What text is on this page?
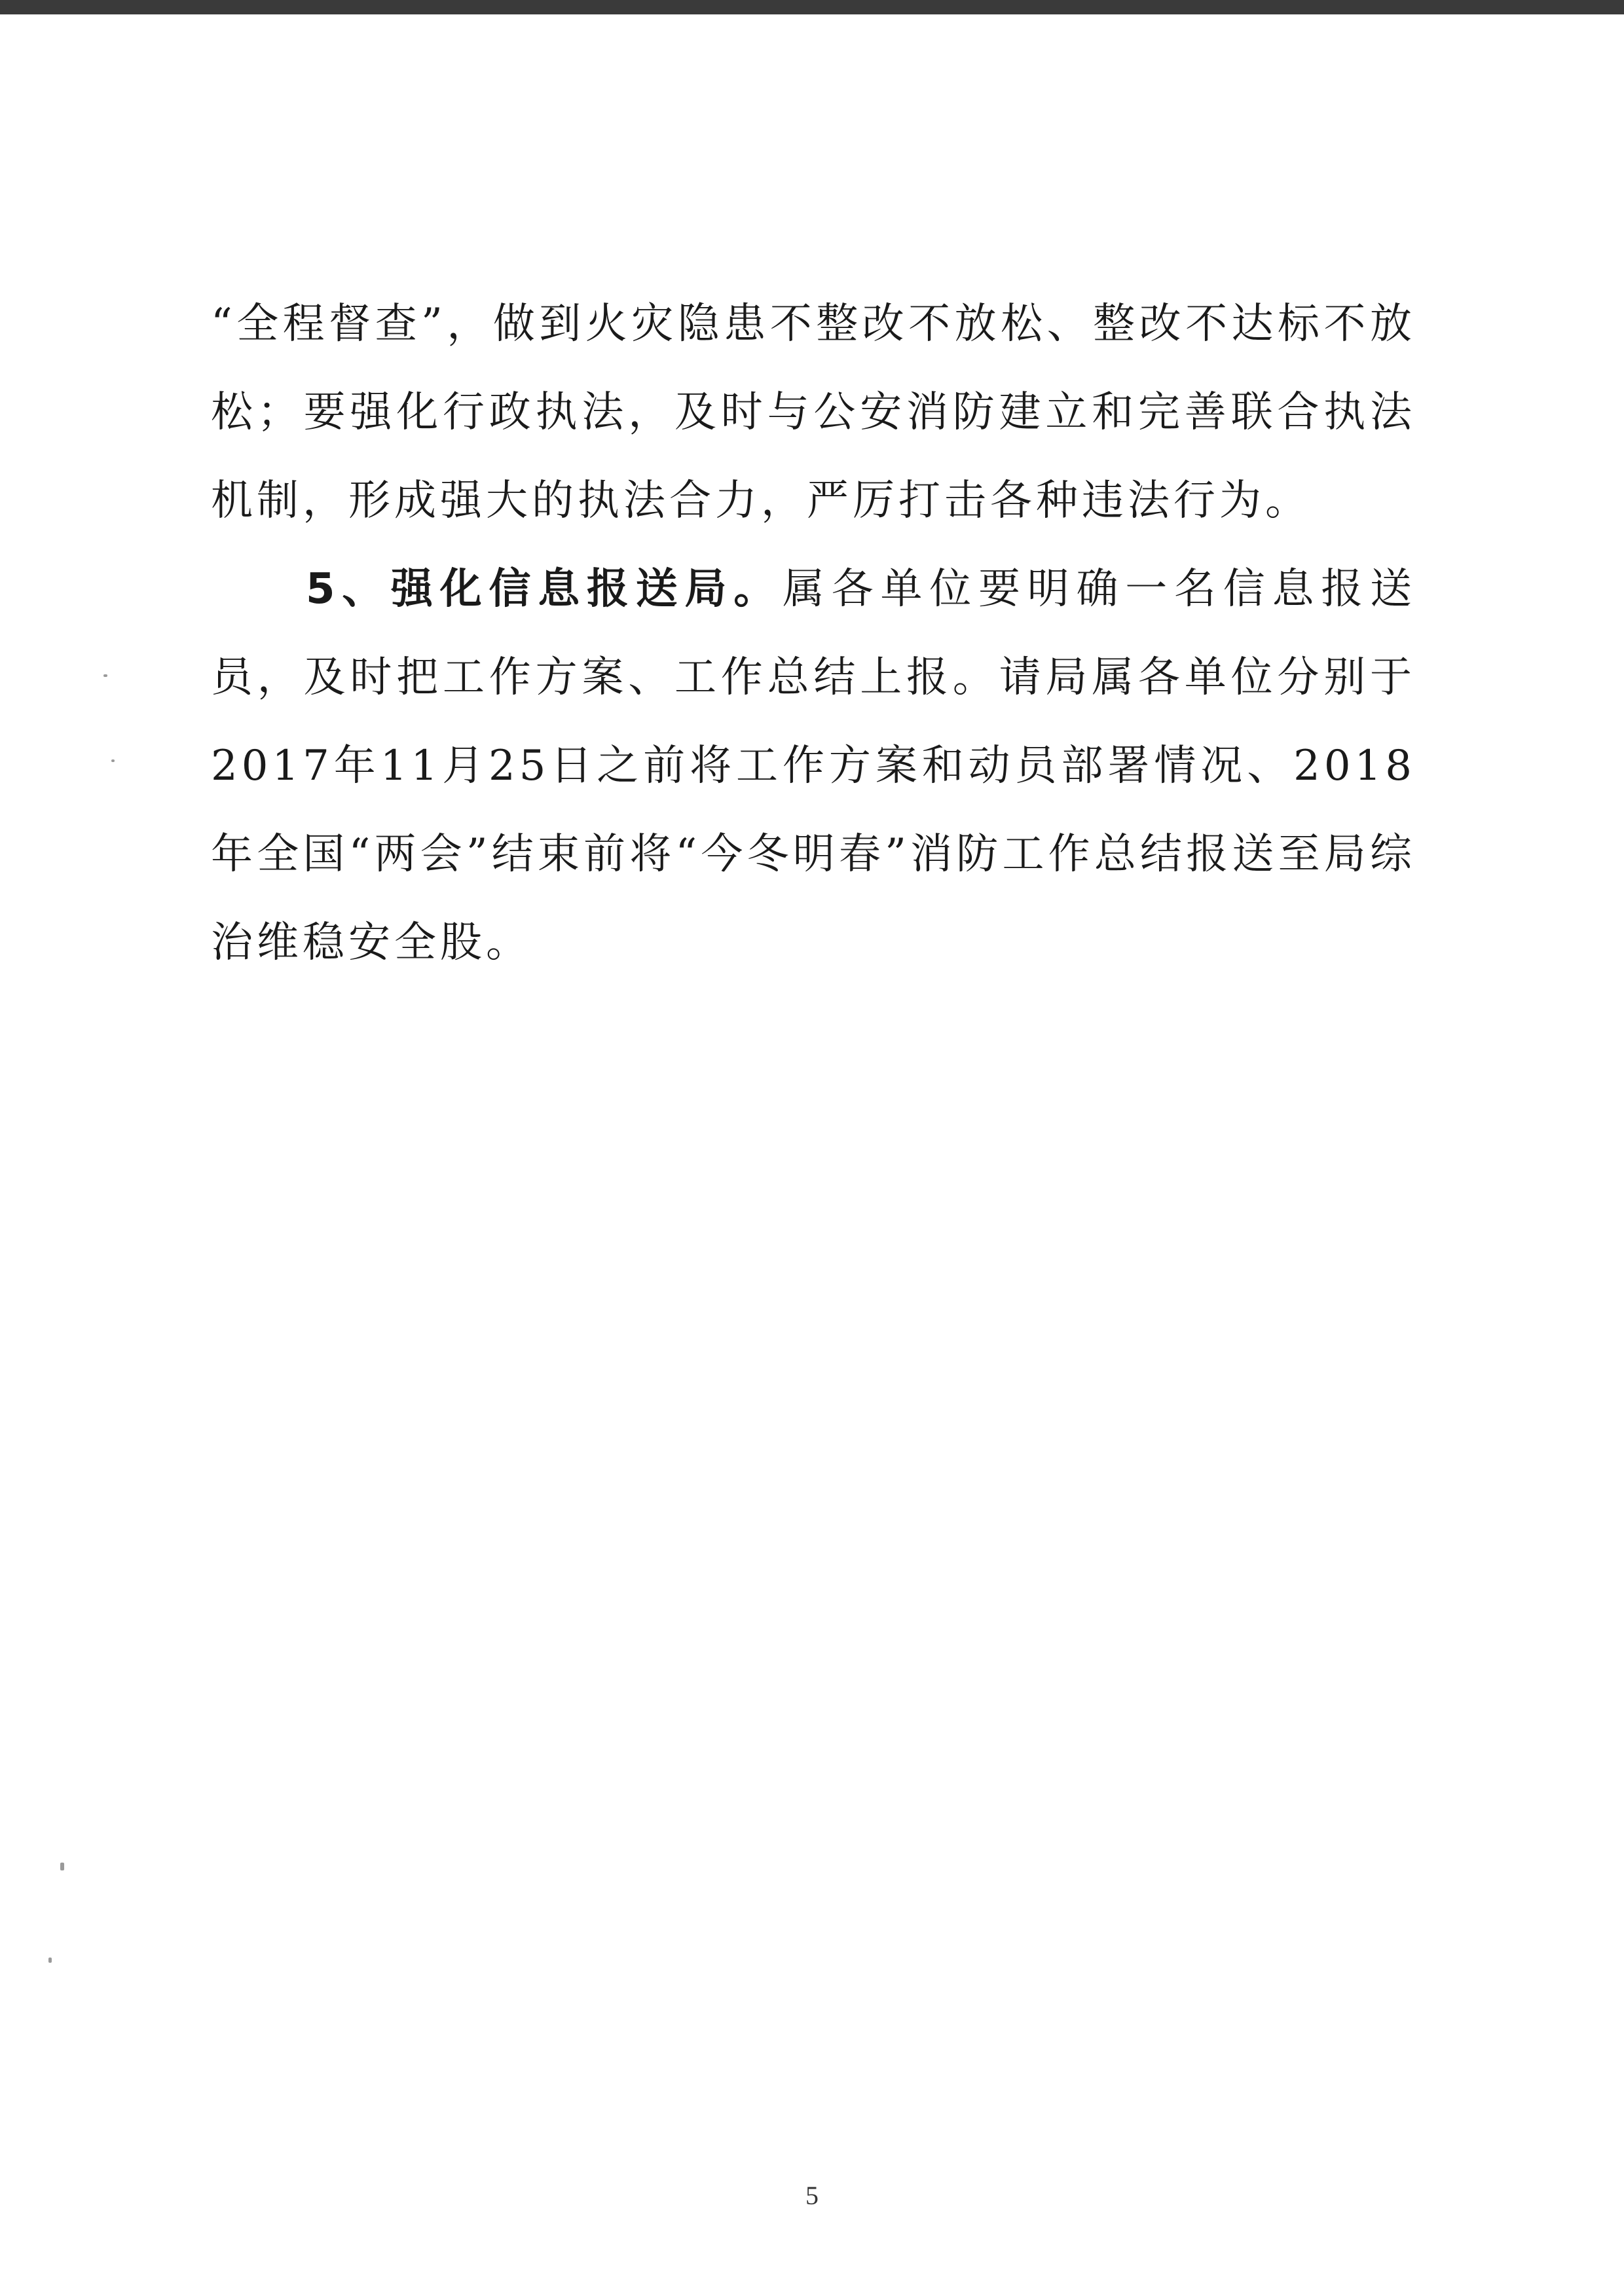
“全程督查”，做到火灾隐患不整改不放松、整改不达标不放松；要强化行政执法，及时与公安消防建立和完善联合执法机制，形成强大的执法合力，严厉打击各种违法行为。

5、强化信息报送局。属各单位要明确一名信息报送员，及时把工作方案、工作总结上报。请局属各单位分别于2017年11月25日之前将工作方案和动员部署情况、2018年全国“两会”结束前将“今冬明春”消防工作总结报送至局综治维稳安全股。

5
